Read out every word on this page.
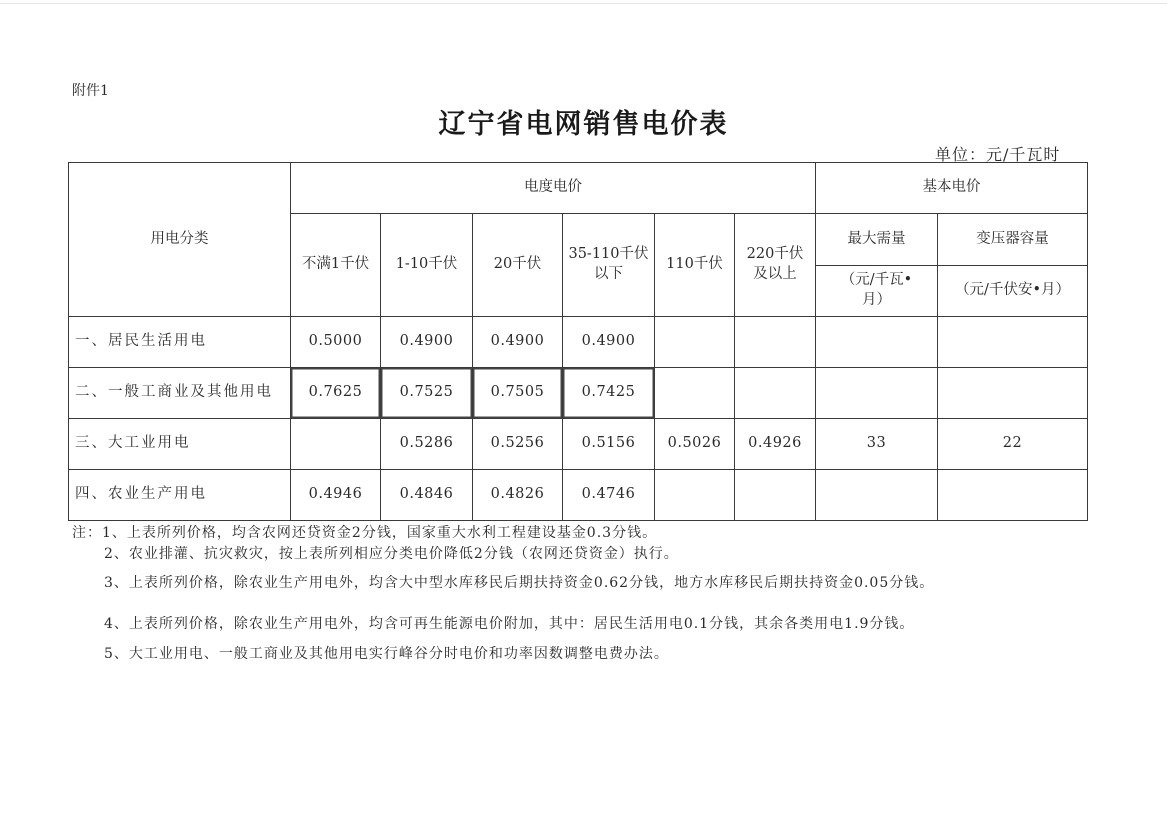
附件1
辽宁省电网销售电价表
单位：元/千瓦时
用电分类	电度电价						基本电价	
	不满1千伏	1-10千伏	20千伏	35-110千伏以下	110千伏	220千伏及以上	最大需量	变压器容量
							（元/千瓦•月）	（元/千伏安•月）
一、居民生活用电	0.5000	0.4900	0.4900	0.4900				
二、一般工商业及其他用电	0.7625	0.7525	0.7505	0.7425				
三、大工业用电		0.5286	0.5256	0.5156	0.5026	0.4926	33	22
四、农业生产用电	0.4946	0.4846	0.4826	0.4746				
注：1、上表所列价格，均含农网还贷资金2分钱，国家重大水利工程建设基金0.3分钱。
2、农业排灌、抗灾救灾，按上表所列相应分类电价降低2分钱（农网还贷资金）执行。
3、上表所列价格，除农业生产用电外，均含大中型水库移民后期扶持资金0.62分钱，地方水库移民后期扶持资金0.05分钱。
4、上表所列价格，除农业生产用电外，均含可再生能源电价附加，其中：居民生活用电0.1分钱，其余各类用电1.9分钱。
5、大工业用电、一般工商业及其他用电实行峰谷分时电价和功率因数调整电费办法。
